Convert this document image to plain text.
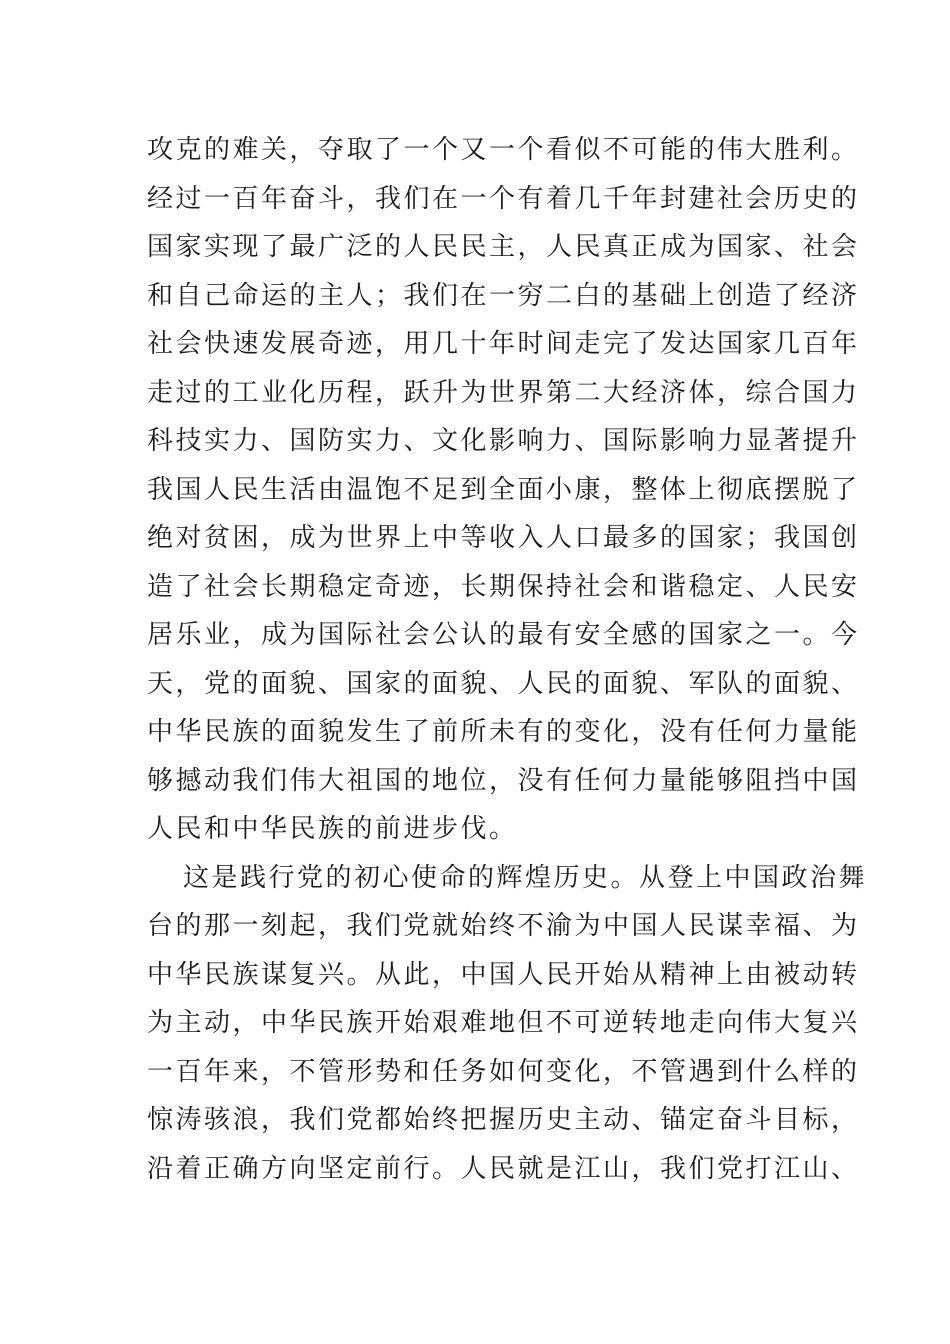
攻克的难关，夺取了一个又一个看似不可能的伟大胜利。
经过一百年奋斗，我们在一个有着几千年封建社会历史的
国家实现了最广泛的人民民主，人民真正成为国家、社会
和自己命运的主人；我们在一穷二白的基础上创造了经济
社会快速发展奇迹，用几十年时间走完了发达国家几百年
走过的工业化历程，跃升为世界第二大经济体，综合国力
科技实力、国防实力、文化影响力、国际影响力显著提升
我国人民生活由温饱不足到全面小康，整体上彻底摆脱了
绝对贫困，成为世界上中等收入人口最多的国家；我国创
造了社会长期稳定奇迹，长期保持社会和谐稳定、人民安
居乐业，成为国际社会公认的最有安全感的国家之一。今
天，党的面貌、国家的面貌、人民的面貌、军队的面貌、
中华民族的面貌发生了前所未有的变化，没有任何力量能
够撼动我们伟大祖国的地位，没有任何力量能够阻挡中国
人民和中华民族的前进步伐。
这是践行党的初心使命的辉煌历史。从登上中国政治舞
台的那一刻起，我们党就始终不渝为中国人民谋幸福、为
中华民族谋复兴。从此，中国人民开始从精神上由被动转
为主动，中华民族开始艰难地但不可逆转地走向伟大复兴
一百年来，不管形势和任务如何变化，不管遇到什么样的
惊涛骇浪，我们党都始终把握历史主动、锚定奋斗目标，
沿着正确方向坚定前行。人民就是江山，我们党打江山、
